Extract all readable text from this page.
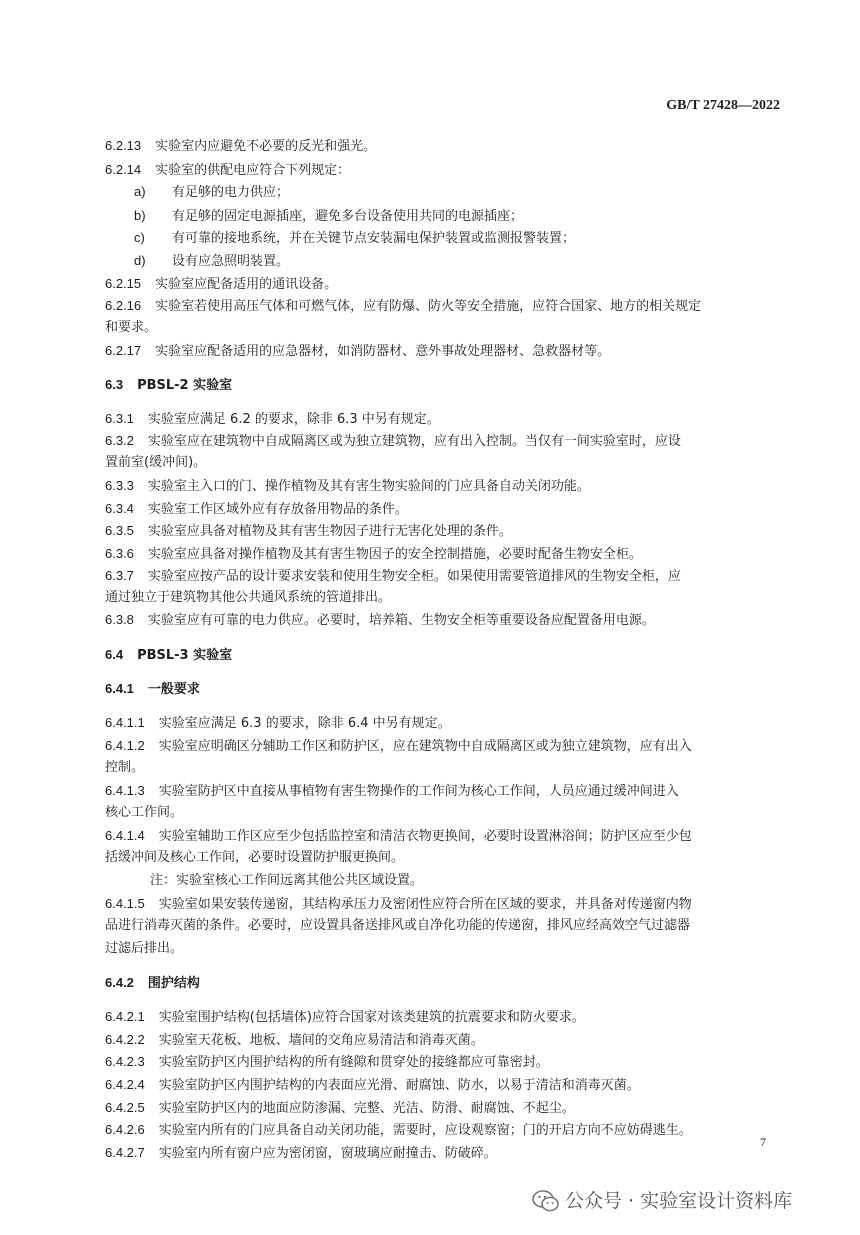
GB/T 27428—2022
6.2.13 实验室内应避免不必要的反光和强光。
6.2.14 实验室的供配电应符合下列规定：
a) 有足够的电力供应；
b) 有足够的固定电源插座，避免多台设备使用共同的电源插座；
c) 有可靠的接地系统，并在关键节点安装漏电保护装置或监测报警装置；
d) 设有应急照明装置。
6.2.15 实验室应配备适用的通讯设备。
6.2.16 实验室若使用高压气体和可燃气体，应有防爆、防火等安全措施，应符合国家、地方的相关规定
和要求。
6.2.17 实验室应配备适用的应急器材，如消防器材、意外事故处理器材、急救器材等。
6.3 PBSL-2 实验室
6.3.1 实验室应满足 6.2 的要求，除非 6.3 中另有规定。
6.3.2 实验室应在建筑物中自成隔离区或为独立建筑物，应有出入控制。当仅有一间实验室时，应设
置前室(缓冲间)。
6.3.3 实验室主入口的门、操作植物及其有害生物实验间的门应具备自动关闭功能。
6.3.4 实验室工作区域外应有存放备用物品的条件。
6.3.5 实验室应具备对植物及其有害生物因子进行无害化处理的条件。
6.3.6 实验室应具备对操作植物及其有害生物因子的安全控制措施，必要时配备生物安全柜。
6.3.7 实验室应按产品的设计要求安装和使用生物安全柜。如果使用需要管道排风的生物安全柜，应
通过独立于建筑物其他公共通风系统的管道排出。
6.3.8 实验室应有可靠的电力供应。必要时，培养箱、生物安全柜等重要设备应配置备用电源。
6.4 PBSL-3 实验室
6.4.1 一般要求
6.4.1.1 实验室应满足 6.3 的要求，除非 6.4 中另有规定。
6.4.1.2 实验室应明确区分辅助工作区和防护区，应在建筑物中自成隔离区或为独立建筑物，应有出入
控制。
6.4.1.3 实验室防护区中直接从事植物有害生物操作的工作间为核心工作间，人员应通过缓冲间进入
核心工作间。
6.4.1.4 实验室辅助工作区应至少包括监控室和清洁衣物更换间，必要时设置淋浴间；防护区应至少包
括缓冲间及核心工作间，必要时设置防护服更换间。
注：实验室核心工作间远离其他公共区域设置。
6.4.1.5 实验室如果安装传递窗，其结构承压力及密闭性应符合所在区域的要求，并具备对传递窗内物
品进行消毒灭菌的条件。必要时，应设置具备送排风或自净化功能的传递窗，排风应经高效空气过滤器
过滤后排出。
6.4.2 围护结构
6.4.2.1 实验室围护结构(包括墙体)应符合国家对该类建筑的抗震要求和防火要求。
6.4.2.2 实验室天花板、地板、墙间的交角应易清洁和消毒灭菌。
6.4.2.3 实验室防护区内围护结构的所有缝隙和贯穿处的接缝都应可靠密封。
6.4.2.4 实验室防护区内围护结构的内表面应光滑、耐腐蚀、防水，以易于清洁和消毒灭菌。
6.4.2.5 实验室防护区内的地面应防渗漏、完整、光洁、防滑、耐腐蚀、不起尘。
6.4.2.6 实验室内所有的门应具备自动关闭功能，需要时，应设观察窗；门的开启方向不应妨碍逃生。
6.4.2.7 实验室内所有窗户应为密闭窗，窗玻璃应耐撞击、防破碎。
7
公众号 · 实验室设计资料库
